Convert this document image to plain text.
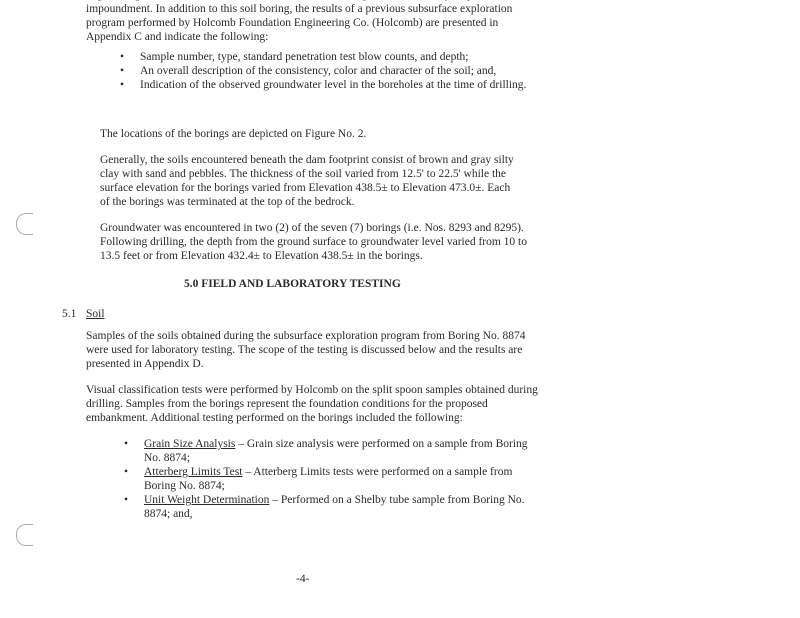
impoundment. In addition to this soil boring, the results of a previous subsurface exploration program performed by Holcomb Foundation Engineering Co. (Holcomb) are presented in Appendix C and indicate the following:

• Sample number, type, standard penetration test blow counts, and depth;
• An overall description of the consistency, color and character of the soil; and,
• Indication of the observed groundwater level in the boreholes at the time of drilling.

The locations of the borings are depicted on Figure No. 2.

Generally, the soils encountered beneath the dam footprint consist of brown and gray silty clay with sand and pebbles. The thickness of the soil varied from 12.5' to 22.5' while the surface elevation for the borings varied from Elevation 438.5± to Elevation 473.0±. Each of the borings was terminated at the top of the bedrock.

Groundwater was encountered in two (2) of the seven (7) borings (i.e. Nos. 8293 and 8295). Following drilling, the depth from the ground surface to groundwater level varied from 10 to 13.5 feet or from Elevation 432.4± to Elevation 438.5± in the borings.

5.0 FIELD AND LABORATORY TESTING
5.1 Soil

Samples of the soils obtained during the subsurface exploration program from Boring No. 8874 were used for laboratory testing. The scope of the testing is discussed below and the results are presented in Appendix D.

Visual classification tests were performed by Holcomb on the split spoon samples obtained during drilling. Samples from the borings represent the foundation conditions for the proposed embankment. Additional testing performed on the borings included the following:

• Grain Size Analysis – Grain size analysis were performed on a sample from Boring No. 8874;
• Atterberg Limits Test – Atterberg Limits tests were performed on a sample from Boring No. 8874;
• Unit Weight Determination – Performed on a Shelby tube sample from Boring No. 8874; and,
-4-
